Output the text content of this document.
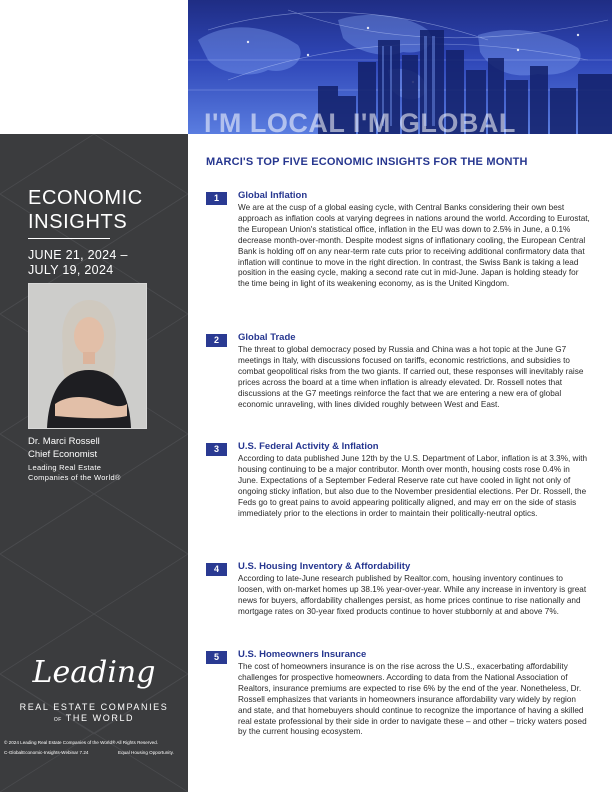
I'M LOCAL I'M GLOBAL
ECONOMIC
INSIGHTS
JUNE 21, 2024 –
JULY 19, 2024
Dr. Marci Rossell
Chief Economist
Leading Real Estate
Companies of the World®
Leading
REAL ESTATE COMPANIES
OF THE WORLD
© 2024 Leading Real Estate Companies of the World® All Rights Reserved.
C-GlobalEconomic-Insights-Webinar 7.24	Equal Housing Opportunity.
MARCI'S TOP FIVE ECONOMIC INSIGHTS FOR THE MONTH
1	Global Inflation

We are at the cusp of a global easing cycle, with Central Banks considering their own best approach as inflation cools at varying degrees in nations around the world. According to Eurostat, the European Union's statistical office, inflation in the EU was down to 2.5% in June, a 0.1% decrease month-over-month. Despite modest signs of inflationary cooling, the European Central Bank is holding off on any near-term rate cuts prior to receiving additional confirmatory data that inflation will continue to move in the right direction. In contrast, the Swiss Bank is taking a lead position in the easing cycle, making a second rate cut in mid-June. Japan is holding steady for the time being in light of its weakening economy, as is the United Kingdom.

2	Global Trade

The threat to global democracy posed by Russia and China was a hot topic at the June G7 meetings in Italy, with discussions focused on tariffs, economic restrictions, and subsidies to combat geopolitical risks from the two giants. If carried out, these responses will inevitably raise prices across the board at a time when inflation is already elevated. Dr. Rossell notes that discussions at the G7 meetings reinforce the fact that we are entering a new era of global economic unraveling, with lines divided roughly between West and East.

3	U.S. Federal Activity & Inflation

According to data published June 12th by the U.S. Department of Labor, inflation is at 3.3%, with housing continuing to be a major contributor. Month over month, housing costs rose 0.4% in June. Expectations of a September Federal Reserve rate cut have cooled in light not only of ongoing sticky inflation, but also due to the November presidential elections. Per Dr. Rossell, the Feds go to great pains to avoid appearing politically aligned, and may err on the side of stasis immediately prior to the elections in order to maintain their politically-neutral optics.

4	U.S. Housing Inventory & Affordability

According to late-June research published by Realtor.com, housing inventory continues to loosen, with on-market homes up 38.1% year-over-year. While any increase in inventory is great news for buyers, affordability challenges persist, as home prices continue to rise nationally and mortgage rates on 30-year fixed products continue to hover stubbornly at and above 7%.

5	U.S. Homeowners Insurance

The cost of homeowners insurance is on the rise across the U.S., exacerbating affordability challenges for prospective homeowners. According to data from the National Association of Realtors, insurance premiums are expected to rise 6% by the end of the year. Nonetheless, Dr. Rossell emphasizes that variants in homeowners insurance affordability vary widely by region and state, and that homebuyers should continue to recognize the importance of having a skilled real estate professional by their side in order to navigate these – and other – tricky waters posed by the current housing ecosystem.
